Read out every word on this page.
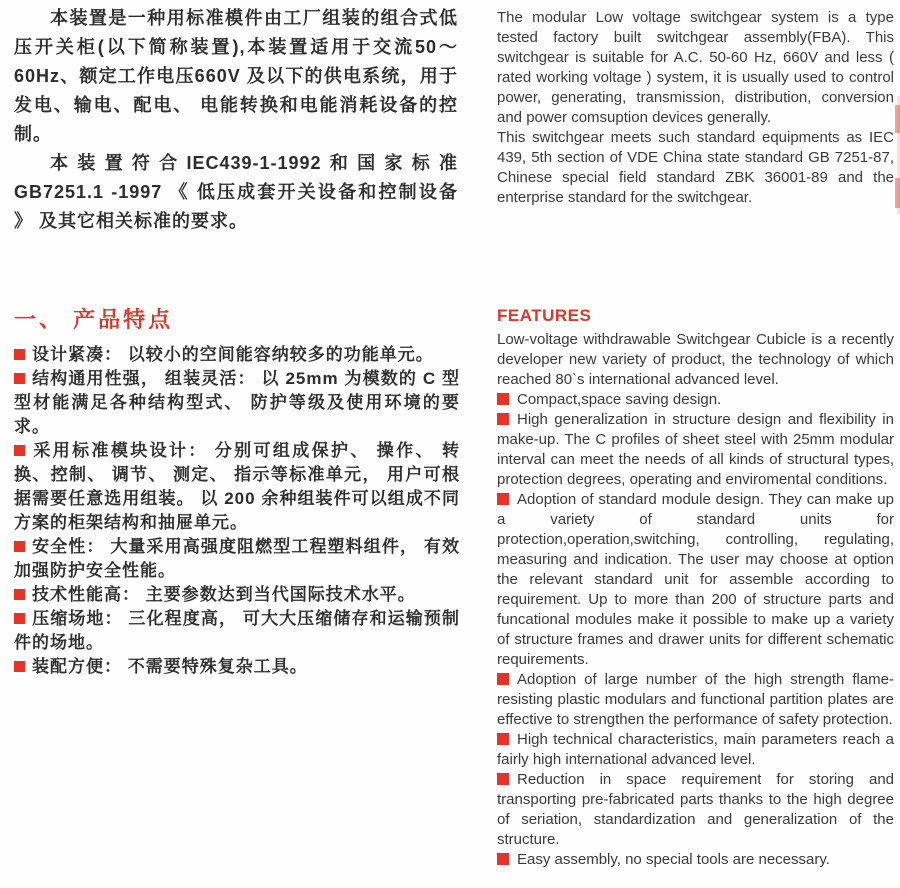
本装置是一种用标准模件由工厂组装的组合式低压开关柜(以下简称装置),本装置适用于交流50～60Hz、额定工作电压660V 及以下的供电系统，用于发电、输电、配电、 电能转换和电能消耗设备的控制。

本装置符合IEC439-1-1992和国家标准 GB7251.1 -1997 《 低压成套开关设备和控制设备 》 及其它相关标准的要求。

The modular Low voltage switchgear system is a type tested factory built switchgear assembly(FBA). This switchgear is suitable for A.C. 50-60 Hz, 660V and less ( rated working voltage ) system, it is usually used to control power, generating, transmission, distribution, conversion and power comsuption devices generally.

This switchgear meets such standard equipments as IEC 439, 5th section of VDE China state standard GB 7251-87, Chinese special field standard ZBK 36001-89 and the enterprise standard for the switchgear.

一、 产品特点

设计紧凑： 以较小的空间能容纳较多的功能单元。

结构通用性强， 组装灵活： 以 25mm 为模数的 C 型型材能满足各种结构型式、 防护等级及使用环境的要求。

采用标准模块设计： 分别可组成保护、 操作、 转换、控制、 调节、 测定、 指示等标准单元， 用户可根据需要任意选用组装。 以 200 余种组装件可以组成不同方案的柜架结构和抽屉单元。

安全性： 大量采用高强度阻燃型工程塑料组件， 有效加强防护安全性能。

技术性能高： 主要参数达到当代国际技术水平。

压缩场地： 三化程度高， 可大大压缩储存和运输预制件的场地。

装配方便： 不需要特殊复杂工具。

FEATURES

Low-voltage withdrawable Switchgear Cubicle is a recently developer new variety of product, the technology of which reached 80`s international advanced level.

Compact,space saving design.

High generalization in structure design and flexibility in make-up. The C profiles of sheet steel with 25mm modular interval can meet the needs of all kinds of structural types, protection degrees, operating and enviromental conditions.

Adoption of standard module design. They can make up a variety of standard units for protection,operation,switching, controlling, regulating, measuring and indication. The user may choose at option the relevant standard unit for assemble according to requirement. Up to more than 200 of structure parts and funcational modules make it possible to make up a variety of structure frames and drawer units for different schematic requirements.

Adoption of large number of the high strength flame-resisting plastic modulars and functional partition plates are effective to strengthen the performance of safety protection.

High technical characteristics, main parameters reach a fairly high international advanced level.

Reduction in space requirement for storing and transporting pre-fabricated parts thanks to the high degree of seriation, standardization and generalization of the structure.

Easy assembly, no special tools are necessary.
